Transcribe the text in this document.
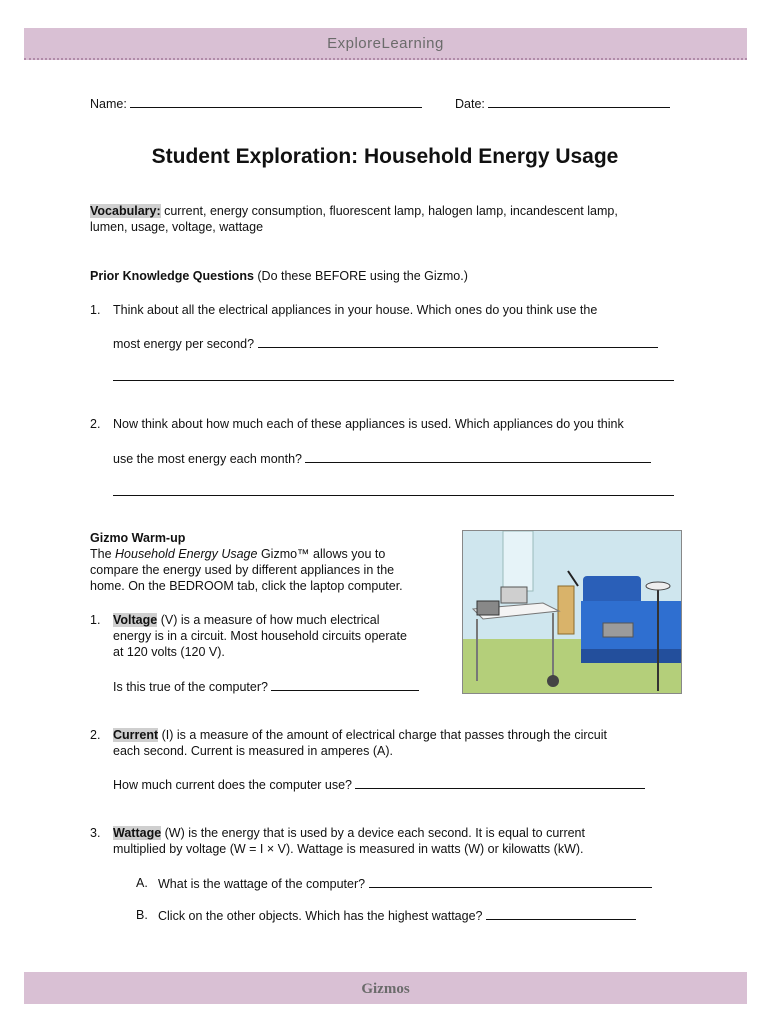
ExploreLearning
Name:	Date:
Student Exploration: Household Energy Usage
Vocabulary: current, energy consumption, fluorescent lamp, halogen lamp, incandescent lamp,
lumen, usage, voltage, wattage
Prior Knowledge Questions (Do these BEFORE using the Gizmo.)
1. Think about all the electrical appliances in your house. Which ones do you think use the
most energy per second?
2. Now think about how much each of these appliances is used. Which appliances do you think
use the most energy each month?
Gizmo Warm-up
The Household Energy Usage Gizmo™ allows you to
compare the energy used by different appliances in the
home. On the BEDROOM tab, click the laptop computer.
1. Voltage (V) is a measure of how much electrical
energy is in a circuit. Most household circuits operate
at 120 volts (120 V).
Is this true of the computer?
2. Current (I) is a measure of the amount of electrical charge that passes through the circuit
each second. Current is measured in amperes (A).
How much current does the computer use?
3. Wattage (W) is the energy that is used by a device each second. It is equal to current
multiplied by voltage (W = I × V). Wattage is measured in watts (W) or kilowatts (kW).
A. What is the wattage of the computer?
B. Click on the other objects. Which has the highest wattage?
Gizmos
